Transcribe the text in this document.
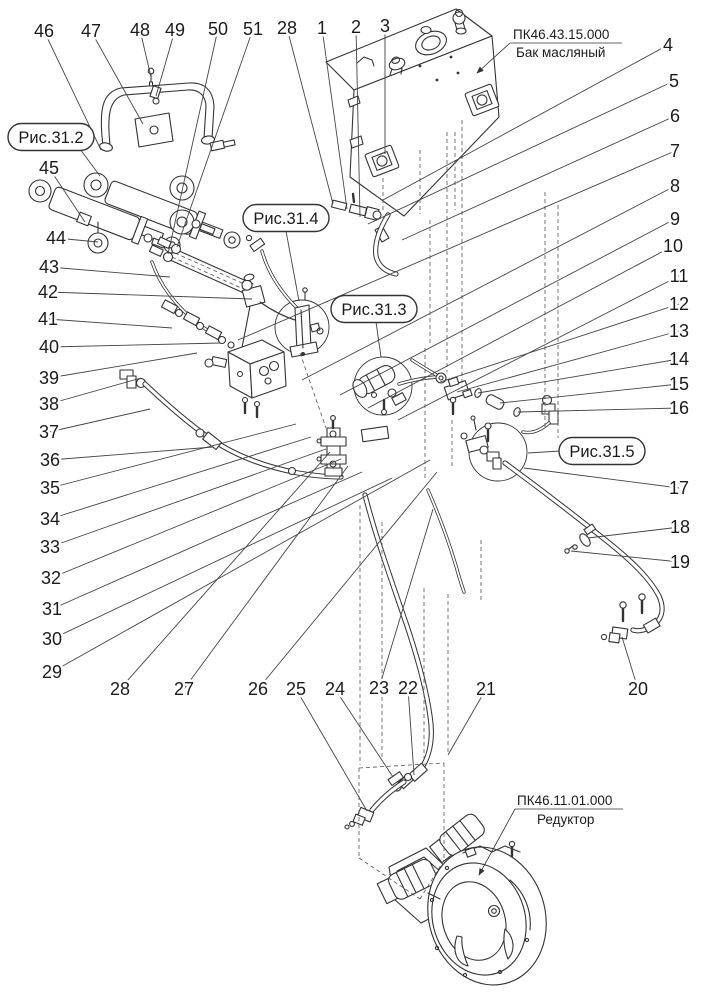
46 47 48 49 50 51 28 1 2 3
4
5
6
7
8
9
10
11
12
13
14
15
16
17
18
19
20
21
22
23
24
25
26
27
28
29
30
31
32
33
34
35
36
37
38
39
40
41
42
43
44
45
Рис.31.2
Рис.31.4
Рис.31.3
Рис.31.5
ПК46.43.15.000
Бак масляный
ПК46.11.01.000
Редуктор
